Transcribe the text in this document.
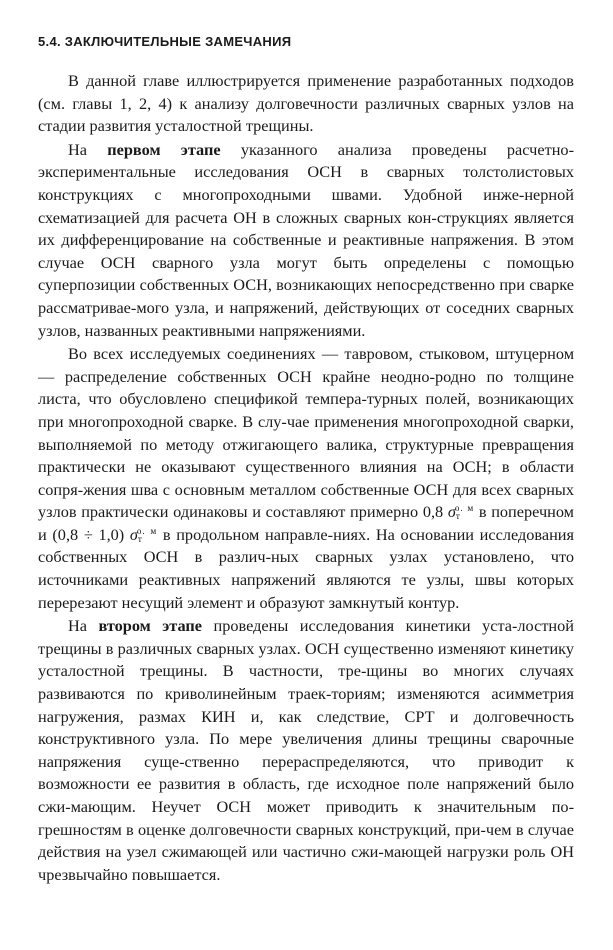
5.4. ЗАКЛЮЧИТЕЛЬНЫЕ ЗАМЕЧАНИЯ

В данной главе иллюстрируется применение разработанных подходов (см. главы 1, 2, 4) к анализу долговечности различных сварных узлов на стадии развития усталостной трещины.

На первом этапе указанного анализа проведены расчетно-экспериментальные исследования ОСН в сварных толстолистовых конструкциях с многопроходными швами. Удобной инже-нерной схематизацией для расчета ОН в сложных сварных кон-струкциях является их дифференцирование на собственные и реактивные напряжения. В этом случае ОСН сварного узла могут быть определены с помощью суперпозиции собственных ОСН, возникающих непосредственно при сварке рассматривае-мого узла, и напряжений, действующих от соседних сварных узлов, названных реактивными напряжениями.

Во всех исследуемых соединениях — тавровом, стыковом, штуцерном — распределение собственных ОСН крайне неодно-родно по толщине листа, что обусловлено спецификой темпера-турных полей, возникающих при многопроходной сварке. В слу-чае применения многопроходной сварки, выполняемой по методу отжигающего валика, структурные превращения практически не оказывают существенного влияния на ОСН; в области сопря-жения шва с основным металлом собственные ОСН для всех сварных узлов практически одинаковы и составляют примерно 0,8 $\sigma_т^{о. м}$ в поперечном и (0,8 ÷ 1,0) $\sigma_т^{о. м}$ в продольном направле-ниях. На основании исследования собственных ОСН в различ-ных сварных узлах установлено, что источниками реактивных напряжений являются те узлы, швы которых перерезают несущий элемент и образуют замкнутый контур.

На втором этапе проведены исследования кинетики уста-лостной трещины в различных сварных узлах. ОСН существенно изменяют кинетику усталостной трещины. В частности, тре-щины во многих случаях развиваются по криволинейным траек-ториям; изменяются асимметрия нагружения, размах КИН и, как следствие, СРТ и долговечность конструктивного узла. По мере увеличения длины трещины сварочные напряжения суще-ственно перераспределяются, что приводит к возможности ее развития в область, где исходное поле напряжений было сжи-мающим. Неучет ОСН может приводить к значительным по-грешностям в оценке долговечности сварных конструкций, при-чем в случае действия на узел сжимающей или частично сжи-мающей нагрузки роль ОН чрезвычайно повышается.
